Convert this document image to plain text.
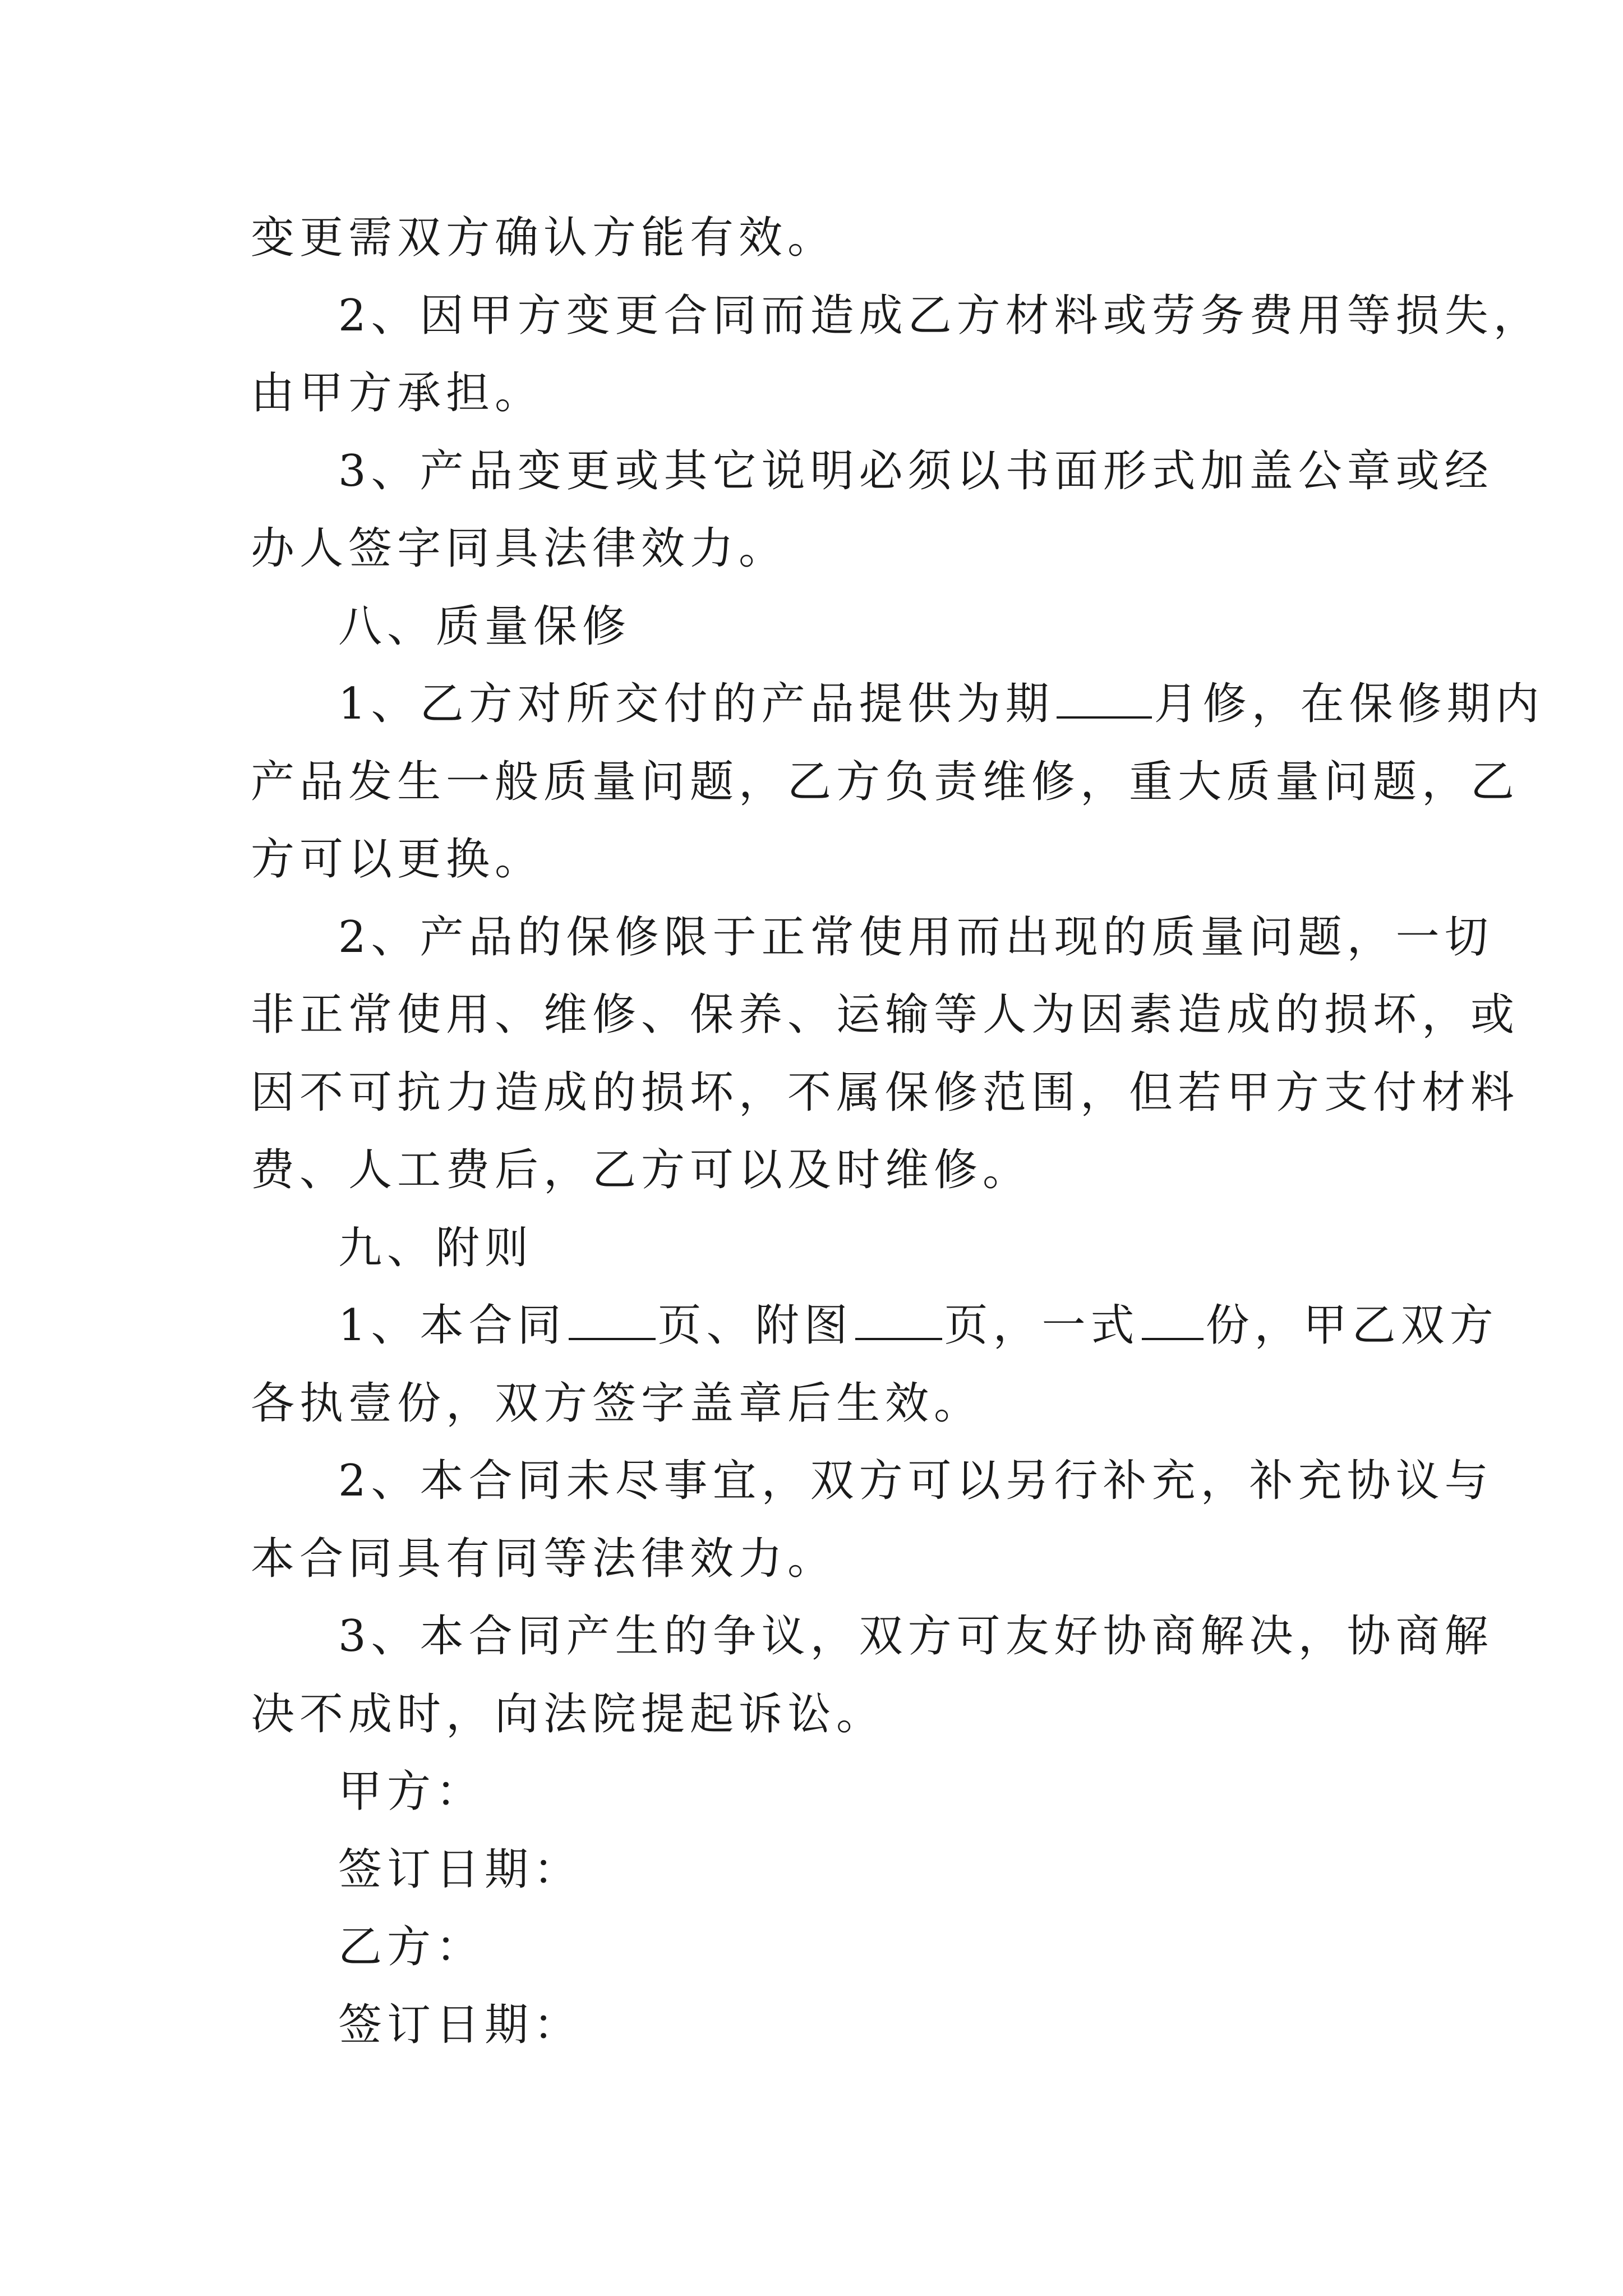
变更需双方确认方能有效。
2、因甲方变更合同而造成乙方材料或劳务费用等损失，
由甲方承担。
3、产品变更或其它说明必须以书面形式加盖公章或经
办人签字同具法律效力。
八、质量保修
1、乙方对所交付的产品提供为期 月修，在保修期内
产品发生一般质量问题，乙方负责维修，重大质量问题，乙
方可以更换。
2、产品的保修限于正常使用而出现的质量问题，一切
非正常使用、维修、保养、运输等人为因素造成的损坏，或
因不可抗力造成的损坏，不属保修范围，但若甲方支付材料
费、人工费后，乙方可以及时维修。
九、附则
1、本合同 页、附图 页，一式 份，甲乙双方
各执壹份，双方签字盖章后生效。
2、本合同未尽事宜，双方可以另行补充，补充协议与
本合同具有同等法律效力。
3、本合同产生的争议，双方可友好协商解决，协商解
决不成时，向法院提起诉讼。
甲方：
签订日期：
乙方：
签订日期：
